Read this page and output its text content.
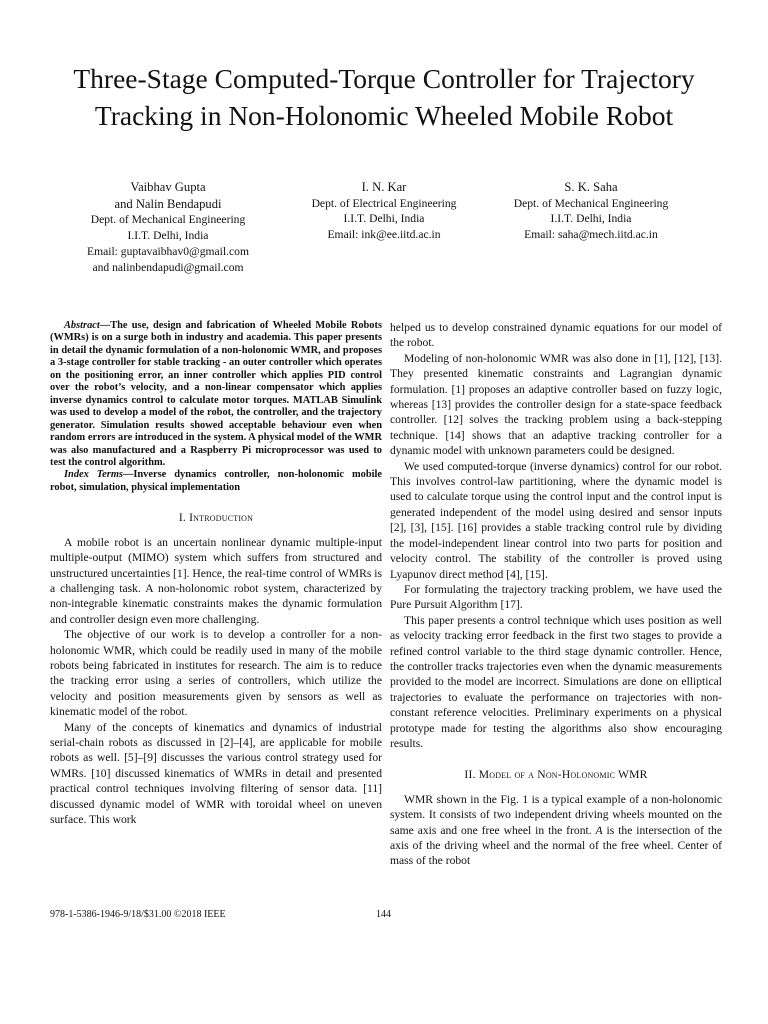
Three-Stage Computed-Torque Controller for Trajectory Tracking in Non-Holonomic Wheeled Mobile Robot
Vaibhav Gupta
and Nalin Bendapudi
Dept. of Mechanical Engineering
I.I.T. Delhi, India
Email: guptavaibhav0@gmail.com
and nalinbendapudi@gmail.com
I. N. Kar
Dept. of Electrical Engineering
I.I.T. Delhi, India
Email: ink@ee.iitd.ac.in
S. K. Saha
Dept. of Mechanical Engineering
I.I.T. Delhi, India
Email: saha@mech.iitd.ac.in

Abstract—The use, design and fabrication of Wheeled Mobile Robots (WMRs) is on a surge both in industry and academia. This paper presents in detail the dynamic formulation of a non-holonomic WMR, and proposes a 3-stage controller for stable tracking - an outer controller which operates on the positioning error, an inner controller which applies PID control over the robot’s velocity, and a non-linear compensator which applies inverse dynamics control to calculate motor torques. MATLAB Simulink was used to develop a model of the robot, the controller, and the trajectory generator. Simulation results showed acceptable behaviour even when random errors are introduced in the system. A physical model of the WMR was also manufactured and a Raspberry Pi microprocessor was used to test the control algorithm.

Index Terms—Inverse dynamics controller, non-holonomic mobile robot, simulation, physical implementation

I. Introduction

A mobile robot is an uncertain nonlinear dynamic multiple-input multiple-output (MIMO) system which suffers from structured and unstructured uncertainties [1]. Hence, the real-time control of WMRs is a challenging task. A non-holonomic robot system, characterized by non-integrable kinematic constraints makes the dynamic formulation and controller design even more challenging.

The objective of our work is to develop a controller for a non-holonomic WMR, which could be readily used in many of the mobile robots being fabricated in institutes for research. The aim is to reduce the tracking error using a series of controllers, which utilize the velocity and position measurements given by sensors as well as kinematic model of the robot.

Many of the concepts of kinematics and dynamics of industrial serial-chain robots as discussed in [2]–[4], are applicable for mobile robots as well. [5]–[9] discusses the various control strategy used for WMRs. [10] discussed kinematics of WMRs in detail and presented practical control techniques involving filtering of sensor data. [11] discussed dynamic model of WMR with toroidal wheel on uneven surface. This work

helped us to develop constrained dynamic equations for our model of the robot.

Modeling of non-holonomic WMR was also done in [1], [12], [13]. They presented kinematic constraints and Lagrangian dynamic formulation. [1] proposes an adaptive controller based on fuzzy logic, whereas [13] provides the controller design for a state-space feedback controller. [12] solves the tracking problem using a back-stepping technique. [14] shows that an adaptive tracking controller for a dynamic model with unknown parameters could be designed.

We used computed-torque (inverse dynamics) control for our robot. This involves control-law partitioning, where the dynamic model is used to calculate torque using the control input and the control input is generated independent of the model using desired and sensor inputs [2], [3], [15]. [16] provides a stable tracking control rule by dividing the model-independent linear control into two parts for position and velocity control. The stability of the controller is proved using Lyapunov direct method [4], [15].

For formulating the trajectory tracking problem, we have used the Pure Pursuit Algorithm [17].

This paper presents a control technique which uses position as well as velocity tracking error feedback in the first two stages to provide a refined control variable to the third stage dynamic controller. Hence, the controller tracks trajectories even when the dynamic measurements provided to the model are incorrect. Simulations are done on elliptical trajectories to evaluate the performance on trajectories with non-constant reference velocities. Preliminary experiments on a physical prototype made for testing the algorithms also show encouraging results.

II. Model of a Non-Holonomic WMR

WMR shown in the Fig. 1 is a typical example of a non-holonomic system. It consists of two independent driving wheels mounted on the same axis and one free wheel in the front. A is the intersection of the axis of the driving wheel and the normal of the free wheel. Center of mass of the robot

978-1-5386-1946-9/18/$31.00 ©2018 IEEE	144
